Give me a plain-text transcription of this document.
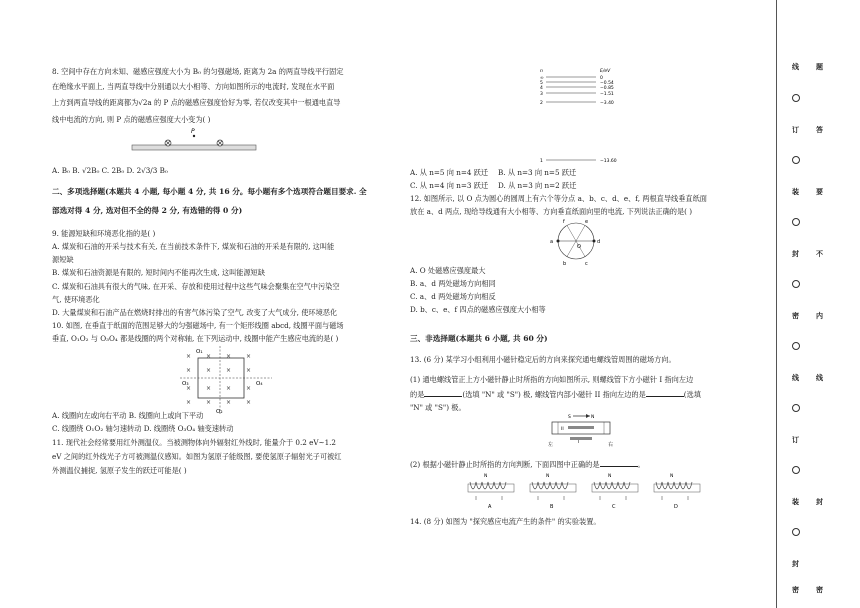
8. 空间中存在方向未知、磁感应强度大小为 B₀ 的匀强磁场, 距离为 2a 的两直导线平行固定
在绝缘水平面上, 当两直导线中分别通以大小相等、方向如图所示的电流时, 发现在水平面
上方到两直导线的距离都为√2a 的 P 点的磁感应强度恰好为零, 若仅改变其中一根通电直导
线中电流的方向, 则 P 点的磁感应强度大小变为( )
P
A. B₀ B. √2B₀ C. 2B₀ D. 2√3/3 B₀
二、多项选择题(本题共 4 小题, 每小题 4 分, 共 16 分。每小题有多个选项符合题目要求. 全
部选对得 4 分, 选对但不全的得 2 分, 有选错的得 0 分)
9. 能源短缺和环境恶化指的是( )
A. 煤炭和石油的开采与技术有关, 在当前技术条件下, 煤炭和石油的开采是有限的, 这叫能
源短缺
B. 煤炭和石油资源是有限的, 短时间内不能再次生成, 这叫能源短缺
C. 煤炭和石油具有很大的气味, 在开采、存放和使用过程中这些气味会聚集在空气中污染空
气, 使环境恶化
D. 大量煤炭和石油产品在燃烧时排出的有害气体污染了空气, 改变了大气成分, 使环境恶化
10. 如图, 在垂直于纸面的范围足够大的匀强磁场中, 有一个矩形线圈 abcd, 线圈平面与磁场
垂直, O₁O₂ 与 O₃O₄ 都是线圈的两个对称轴, 在下列运动中, 线圈中能产生感应电流的是( )
O₁
O₂
O₃	O₄
× × × ×
× × × ×
× × × ×
× × × ×
A. 线圈向左或向右平动 B. 线圈向上或向下平动
C. 线圈绕 O₁O₂ 轴匀速转动 D. 线圈绕 O₃O₄ 轴变速转动
11. 现代社会经常要用红外测温仪。当被测物体向外辐射红外线时, 能量介于 0.2 eV~1.2
eV 之间的红外线光子方可被测温仪感知。如图为氢原子能级图, 要使氢原子辐射光子可被红
外测温仪捕捉, 氢原子发生的跃迁可能是( )
n	E/eV
∞	0
5	−0.54
4	−0.85
3	−1.51
2	−3.40
1	−13.60
A. 从 n=5 向 n=4 跃迁 B. 从 n=3 向 n=5 跃迁
C. 从 n=4 向 n=3 跃迁 D. 从 n=3 向 n=2 跃迁
12. 如图所示, 以 O 点为圆心的圆周上有六个等分点 a、b、c、d、e、f, 两根直导线垂直纸面
放在 a、d 两点, 现给导线通有大小相等、方向垂直纸面向里的电流, 下列说法正确的是( )
a	d
b	c
f	e
O
A. O 处磁感应强度最大
B. a、d 两处磁场方向相同
C. a、d 两处磁场方向相反
D. b、c、e、f 四点的磁感应强度大小相等
三、非选择题(本题共 6 小题, 共 60 分)
13. (6 分) 某学习小组利用小磁针稳定后的方向来探究通电螺线管周围的磁场方向。
(1) 通电螺线管正上方小磁针静止时所指的方向如图所示, 则螺线管下方小磁针 I 指向左边
的是	(选填 "N" 或 "S") 极, 螺线管内部小磁针 II 指向左边的是	(选填
"N" 或 "S") 极。
S	N
II
I
左	右
(2) 根据小磁针静止时所指的方向判断, 下面四图中正确的是	。
N
A
N
B
N
C
N
D
14. (8 分) 如图为 "探究感应电流产生的条件" 的实验装置。
线
订
装
封
密
线
订
装
封
密
题
答
要
不
内
线
封
密
